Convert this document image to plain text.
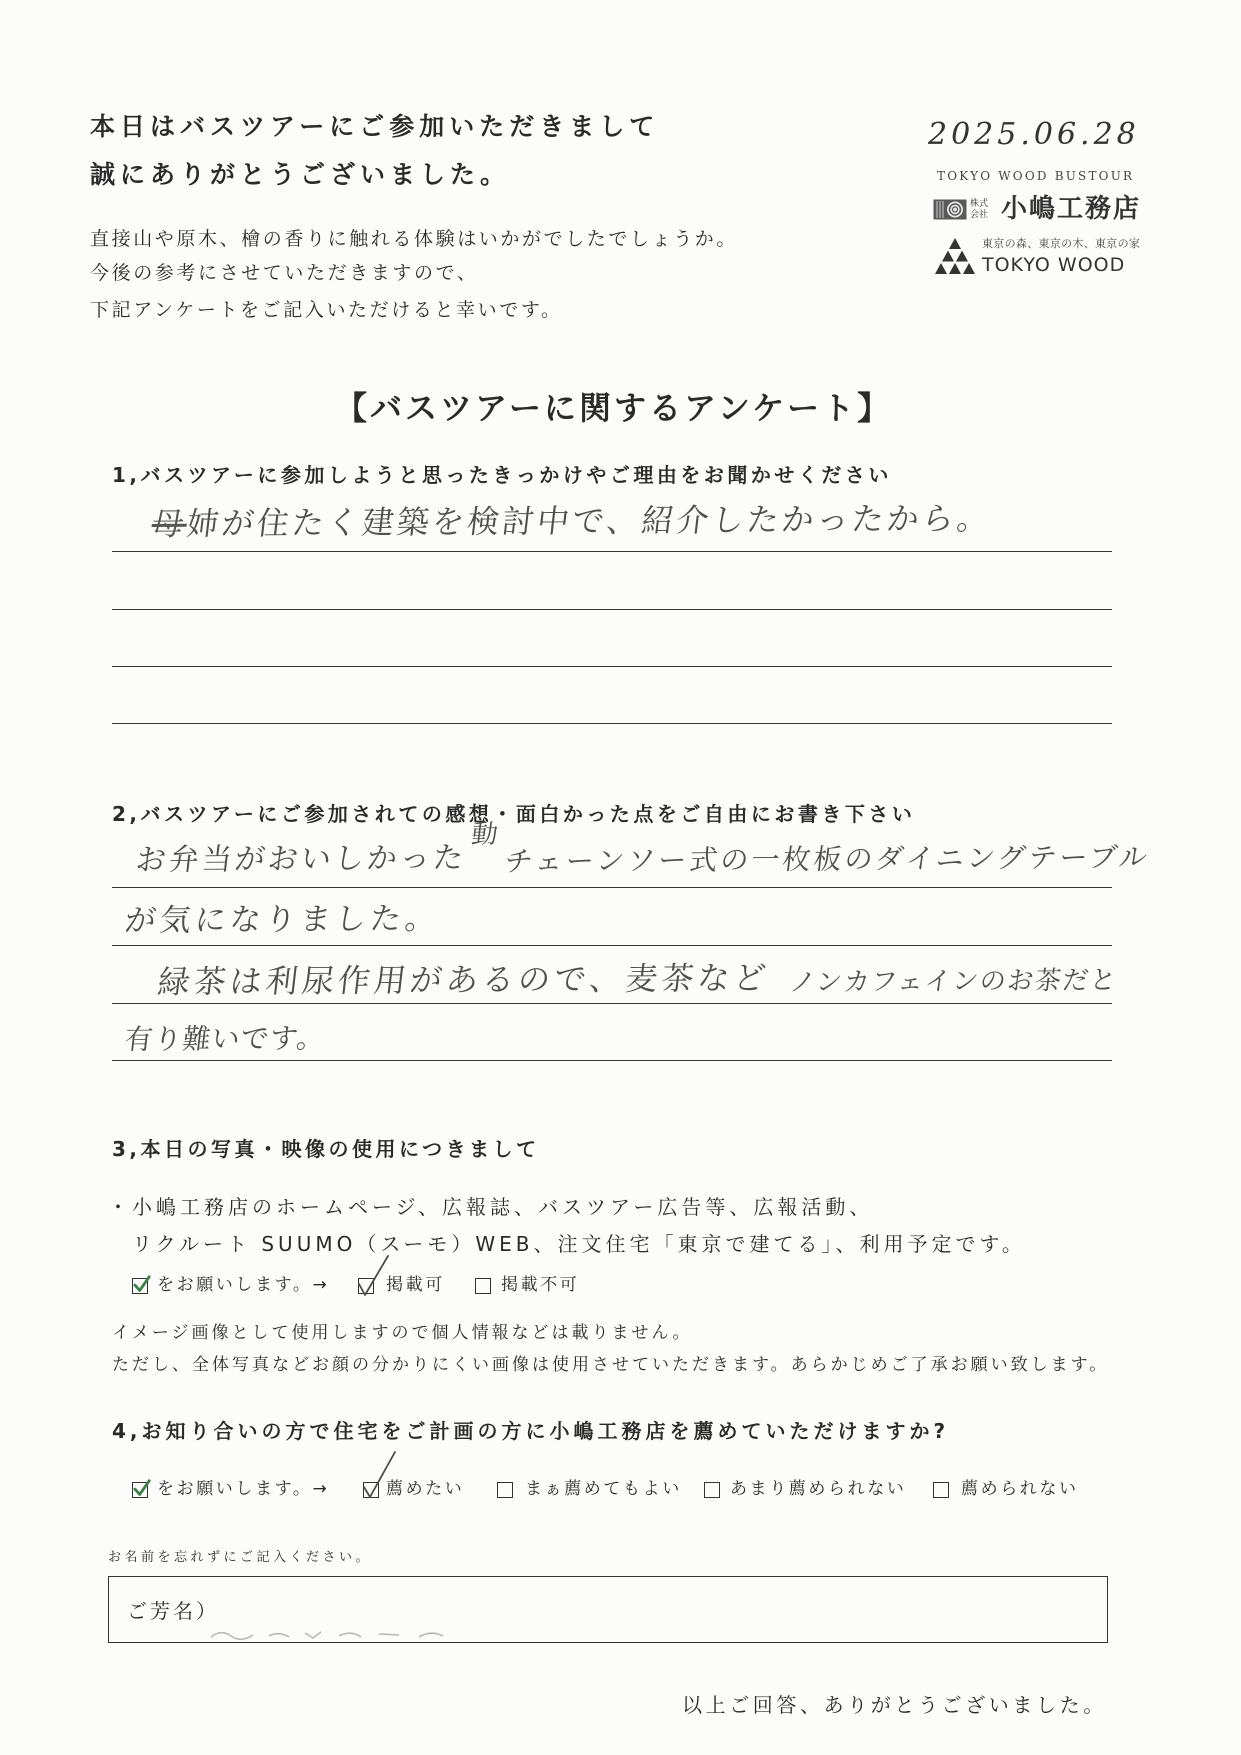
本日はバスツアーにご参加いただきまして

誠にありがとうございました。

直接山や原木、檜の香りに触れる体験はいかがでしたでしょうか。

今後の参考にさせていただきますので、

下記アンケートをご記入いただけると幸いです。

2025.06.28

TOKYO WOOD BUSTOUR

株式
会社 小嶋工務店

東京の森、東京の木、東京の家

TOKYO WOOD

【バスツアーに関するアンケート】

1,バスツアーに参加しようと思ったきっかけやご理由をお聞かせください

母姉が住たく建築を検討中で、紹介したかったから。

2,バスツアーにご参加されての感想・面白かった点をご自由にお書き下さい

お弁当がおいしかった
動
チェーンソー式の一枚板のダイニングテーブル
が気になりました。
緑茶は利尿作用があるので、麦茶など ノンカフェインのお茶だと
有り難いです。

3,本日の写真・映像の使用につきまして

・小嶋工務店のホームページ、広報誌、バスツアー広告等、広報活動、

リクルート SUUMO（スーモ）WEB、注文住宅「東京で建てる」、利用予定です。

をお願いします。→	掲載可	掲載不可

イメージ画像として使用しますので個人情報などは載りません。

ただし、全体写真などお顔の分かりにくい画像は使用させていただきます。あらかじめご了承お願い致します。

4,お知り合いの方で住宅をご計画の方に小嶋工務店を薦めていただけますか?

をお願いします。→	薦めたい	まぁ薦めてもよい	あまり薦められない	薦められない

お名前を忘れずにご記入ください。

ご芳名）

以上ご回答、ありがとうございました。
